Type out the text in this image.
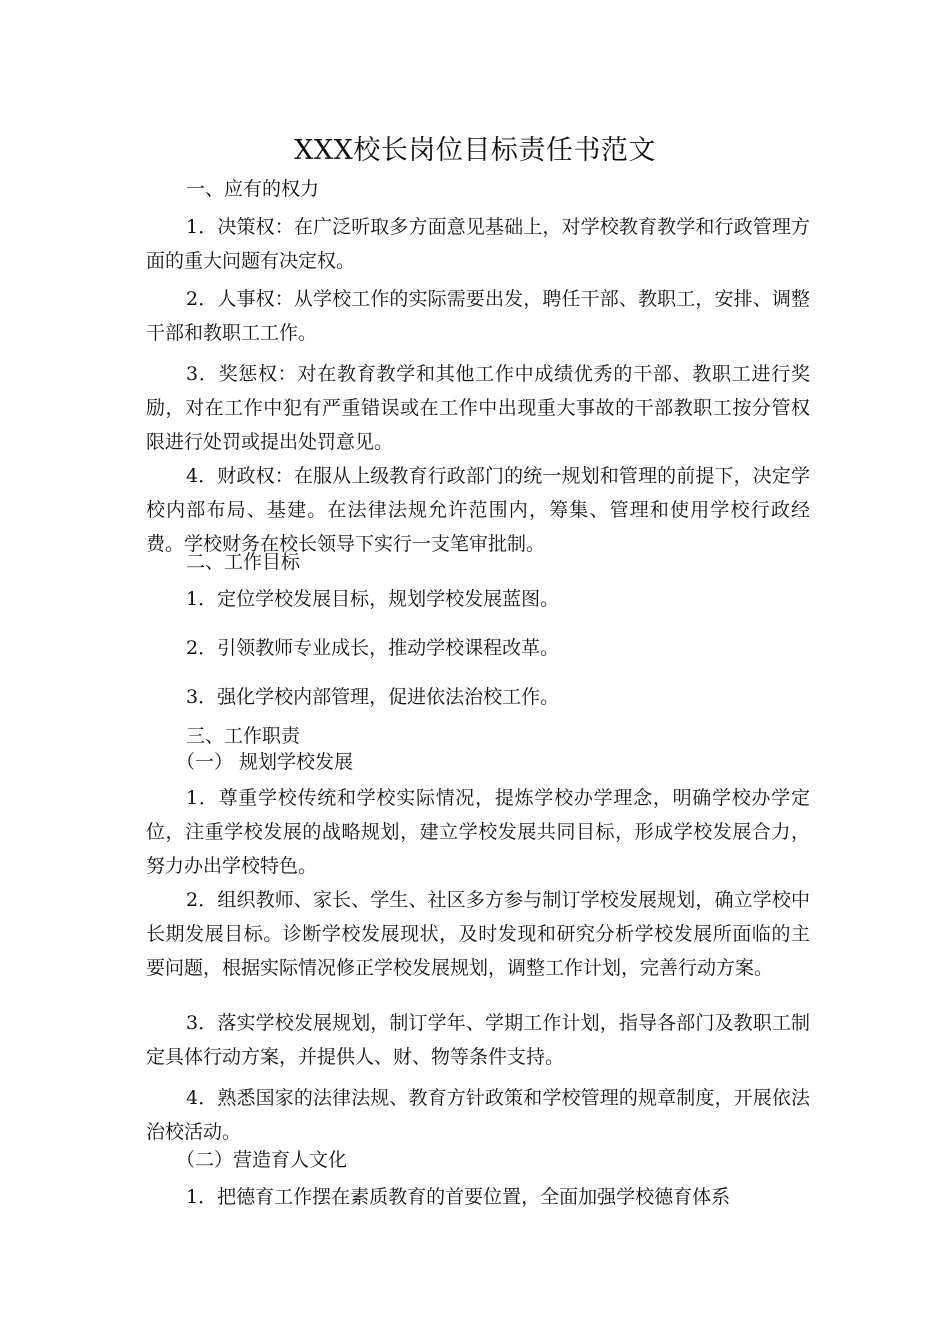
XXX校长岗位目标责任书范文
一、应有的权力
1．决策权：在广泛听取多方面意见基础上，对学校教育教学和行政管理方面的重大问题有决定权。
2．人事权：从学校工作的实际需要出发，聘任干部、教职工，安排、调整干部和教职工工作。
3．奖惩权：对在教育教学和其他工作中成绩优秀的干部、教职工进行奖励，对在工作中犯有严重错误或在工作中出现重大事故的干部教职工按分管权限进行处罚或提出处罚意见。
4．财政权：在服从上级教育行政部门的统一规划和管理的前提下，决定学校内部布局、基建。在法律法规允许范围内，筹集、管理和使用学校行政经费。学校财务在校长领导下实行一支笔审批制。
二、工作目标
1．定位学校发展目标，规划学校发展蓝图。
2．引领教师专业成长，推动学校课程改革。
3．强化学校内部管理，促进依法治校工作。
三、工作职责
（一） 规划学校发展
1．尊重学校传统和学校实际情况，提炼学校办学理念，明确学校办学定位，注重学校发展的战略规划，建立学校发展共同目标，形成学校发展合力，努力办出学校特色。
2．组织教师、家长、学生、社区多方参与制订学校发展规划，确立学校中长期发展目标。诊断学校发展现状，及时发现和研究分析学校发展所面临的主要问题，根据实际情况修正学校发展规划，调整工作计划，完善行动方案。
3．落实学校发展规划，制订学年、学期工作计划，指导各部门及教职工制定具体行动方案，并提供人、财、物等条件支持。
4．熟悉国家的法律法规、教育方针政策和学校管理的规章制度，开展依法治校活动。
（二）营造育人文化
1．把德育工作摆在素质教育的首要位置，全面加强学校德育体系
